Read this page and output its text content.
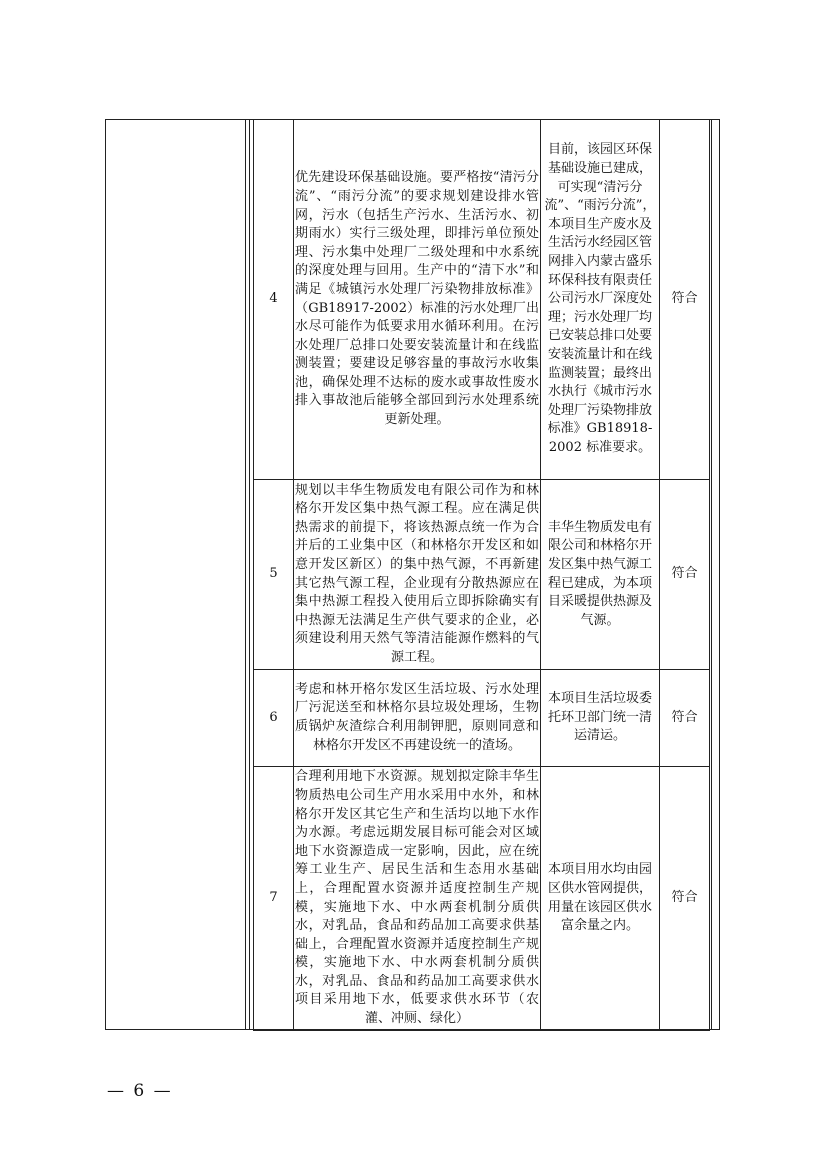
4	优先建设环保基础设施。要严格按“清污分流”、“雨污分流”的要求规划建设排水管网，污水（包括生产污水、生活污水、初期雨水）实行三级处理，即排污单位预处理、污水集中处理厂二级处理和中水系统的深度处理与回用。生产中的“清下水”和满足《城镇污水处理厂污染物排放标准》（GB18917-2002）标准的污水处理厂出水尽可能作为低要求用水循环利用。在污水处理厂总排口处要安装流量计和在线监测装置；要建设足够容量的事故污水收集池，确保处理不达标的废水或事故性废水排入事故池后能够全部回到污水处理系统更新处理。	目前，该园区环保基础设施已建成，可实现“清污分流”、“雨污分流”，本项目生产废水及生活污水经园区管网排入内蒙古盛乐环保科技有限责任公司污水厂深度处理；污水处理厂均已安装总排口处要安装流量计和在线监测装置；最终出水执行《城市污水处理厂污染物排放标准》GB18918-2002 标准要求。	符合
5	规划以丰华生物质发电有限公司作为和林格尔开发区集中热气源工程。应在满足供热需求的前提下，将该热源点统一作为合并后的工业集中区（和林格尔开发区和如意开发区新区）的集中热气源，不再新建其它热气源工程，企业现有分散热源应在集中热源工程投入使用后立即拆除确实有中热源无法满足生产供气要求的企业，必须建设利用天然气等清洁能源作燃料的气源工程。	丰华生物质发电有限公司和林格尔开发区集中热气源工程已建成，为本项目采暖提供热源及气源。	符合
6	考虑和林开格尔发区生活垃圾、污水处理厂污泥送至和林格尔县垃圾处理场，生物质锅炉灰渣综合利用制钾肥，原则同意和林格尔开发区不再建设统一的渣场。	本项目生活垃圾委托环卫部门统一清运清运。	符合
7	合理利用地下水资源。规划拟定除丰华生物质热电公司生产用水采用中水外，和林格尔开发区其它生产和生活均以地下水作为水源。考虑远期发展目标可能会对区域地下水资源造成一定影响，因此，应在统筹工业生产、居民生活和生态用水基础上，合理配置水资源并适度控制生产规模，实施地下水、中水两套机制分质供水，对乳品，食品和药品加工高要求供基础上，合理配置水资源并适度控制生产规模，实施地下水、中水两套机制分质供水，对乳品、食品和药品加工高要求供水项目采用地下水，低要求供水环节（农灌、冲厕、绿化）	本项目用水均由园区供水管网提供，用量在该园区供水富余量之内。	符合
— 6 —
